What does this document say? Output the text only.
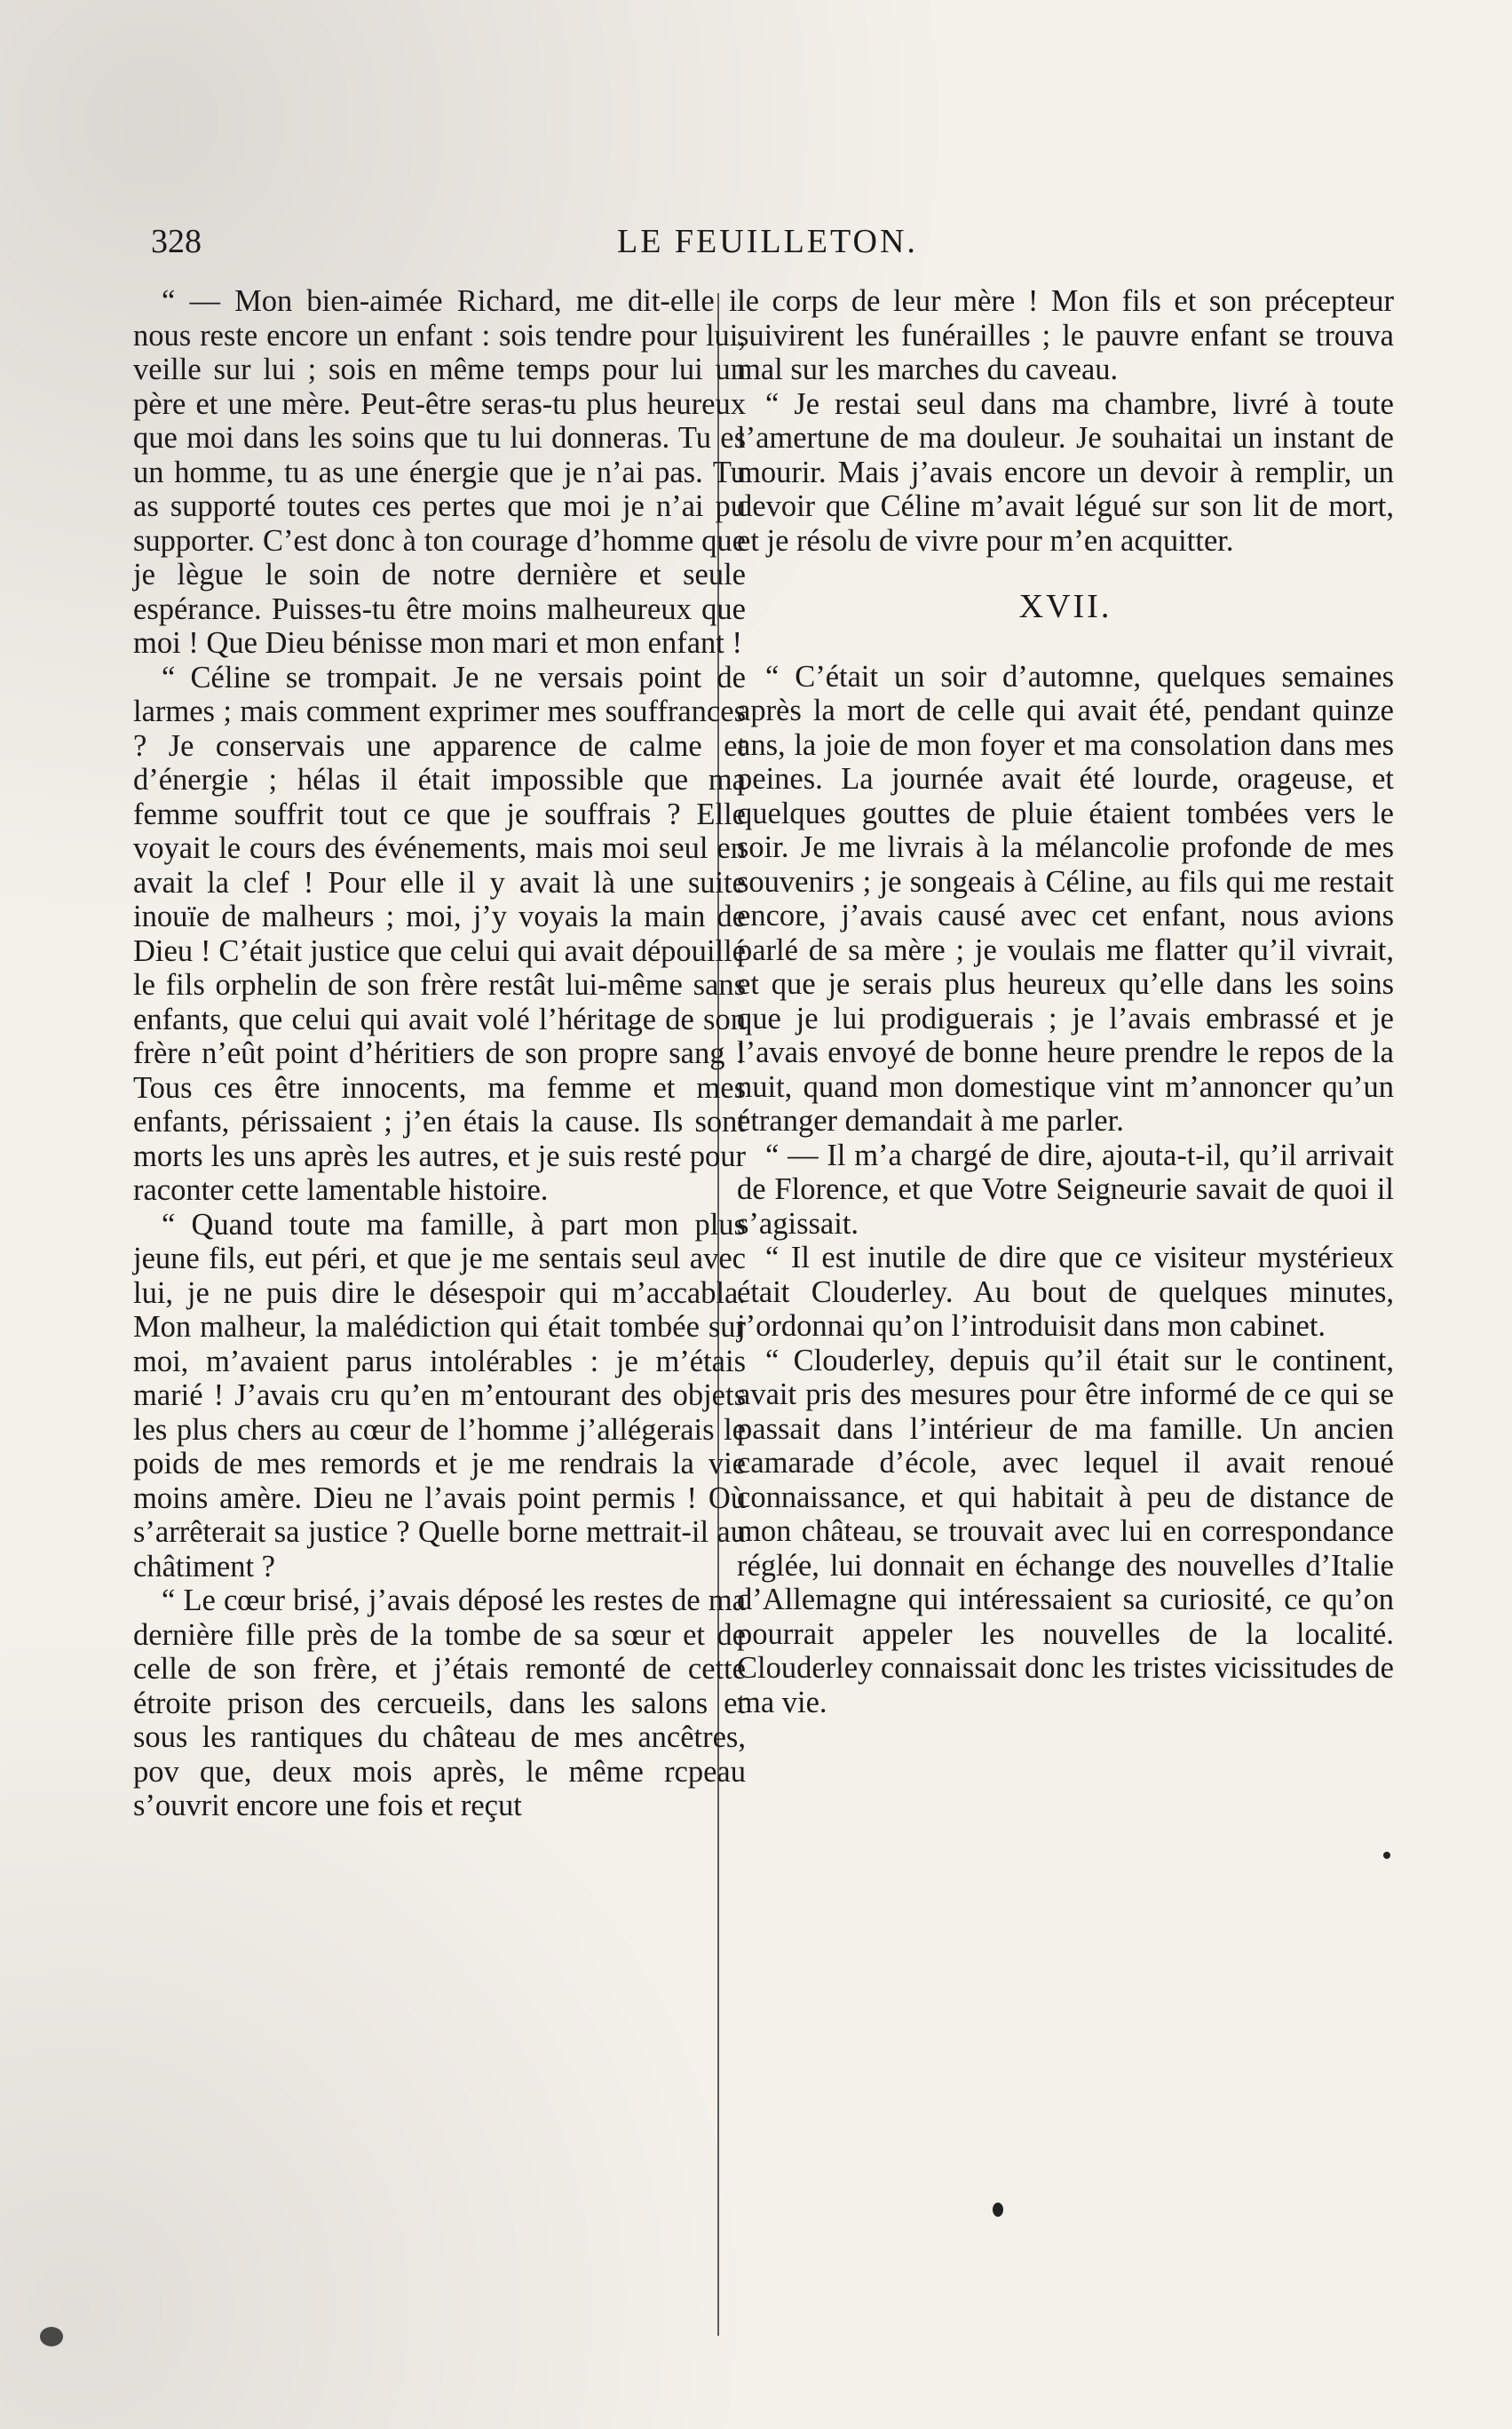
328	LE FEUILLETON.

“ — Mon bien-aimée Richard, me dit-elle il nous reste encore un enfant : sois tendre pour lui, veille sur lui ; sois en même temps pour lui un père et une mère. Peut-être seras-tu plus heureux que moi dans les soins que tu lui donneras. Tu es un homme, tu as une énergie que je n’ai pas. Tu as supporté toutes ces pertes que moi je n’ai pu supporter. C’est donc à ton courage d’homme que je lègue le soin de notre dernière et seule espérance. Puisses-tu être moins malheureux que moi ! Que Dieu bénisse mon mari et mon enfant !

“ Céline se trompait. Je ne versais point de larmes ; mais comment exprimer mes souffrances ? Je conservais une apparence de calme et d’énergie ; hélas il était impossible que ma femme souffrit tout ce que je souffrais ? Elle voyait le cours des événements, mais moi seul en avait la clef ! Pour elle il y avait là une suite inouïe de malheurs ; moi, j’y voyais la main de Dieu ! C’était justice que celui qui avait dépouillé le fils orphelin de son frère restât lui-même sans enfants, que celui qui avait volé l’héritage de son frère n’eût point d’héritiers de son propre sang ! Tous ces être innocents, ma femme et mes enfants, périssaient ; j’en étais la cause. Ils sont morts les uns après les autres, et je suis resté pour raconter cette lamentable histoire.

“ Quand toute ma famille, à part mon plus jeune fils, eut péri, et que je me sentais seul avec lui, je ne puis dire le désespoir qui m’accabla. Mon malheur, la malédiction qui était tombée sur moi, m’avaient parus intolérables : je m’étais marié ! J’avais cru qu’en m’entourant des objets les plus chers au cœur de l’homme j’allégerais le poids de mes remords et je me rendrais la vie moins amère. Dieu ne l’avais point permis ! Où s’arrêterait sa justice ? Quelle borne mettrait-il au châtiment ?

“ Le cœur brisé, j’avais déposé les restes de ma dernière fille près de la tombe de sa sœur et de celle de son frère, et j’étais remonté de cette étroite prison des cercueils, dans les salons et sous les rantiques du château de mes ancêtres, pov que, deux mois après, le même rcpeau s’ouvrit encore une fois et reçut

le corps de leur mère ! Mon fils et son précepteur suivirent les funérailles ; le pauvre enfant se trouva mal sur les marches du caveau.

“ Je restai seul dans ma chambre, livré à toute l’amertune de ma douleur. Je souhaitai un instant de mourir. Mais j’avais encore un devoir à remplir, un devoir que Céline m’avait légué sur son lit de mort, et je résolu de vivre pour m’en acquitter.

XVII.

“ C’était un soir d’automne, quelques semaines après la mort de celle qui avait été, pendant quinze ans, la joie de mon foyer et ma consolation dans mes peines. La journée avait été lourde, orageuse, et quelques gouttes de pluie étaient tombées vers le soir. Je me livrais à la mélancolie profonde de mes souvenirs ; je songeais à Céline, au fils qui me restait encore, j’avais causé avec cet enfant, nous avions parlé de sa mère ; je voulais me flatter qu’il vivrait, et que je serais plus heureux qu’elle dans les soins que je lui prodiguerais ; je l’avais embrassé et je l’avais envoyé de bonne heure prendre le repos de la nuit, quand mon domestique vint m’annoncer qu’un étranger demandait à me parler.

“ — Il m’a chargé de dire, ajouta-t-il, qu’il arrivait de Florence, et que Votre Seigneurie savait de quoi il s’agissait.

“ Il est inutile de dire que ce visiteur mystérieux était Clouderley. Au bout de quelques minutes, j’ordonnai qu’on l’introduisit dans mon cabinet.

“ Clouderley, depuis qu’il était sur le continent, avait pris des mesures pour être informé de ce qui se passait dans l’intérieur de ma famille. Un ancien camarade d’école, avec lequel il avait renoué connaissance, et qui habitait à peu de distance de mon château, se trouvait avec lui en correspondance réglée, lui donnait en échange des nouvelles d’Italie d’Allemagne qui intéressaient sa curiosité, ce qu’on pourrait appeler les nouvelles de la localité. Clouderley connaissait donc les tristes vicissitudes de ma vie.
